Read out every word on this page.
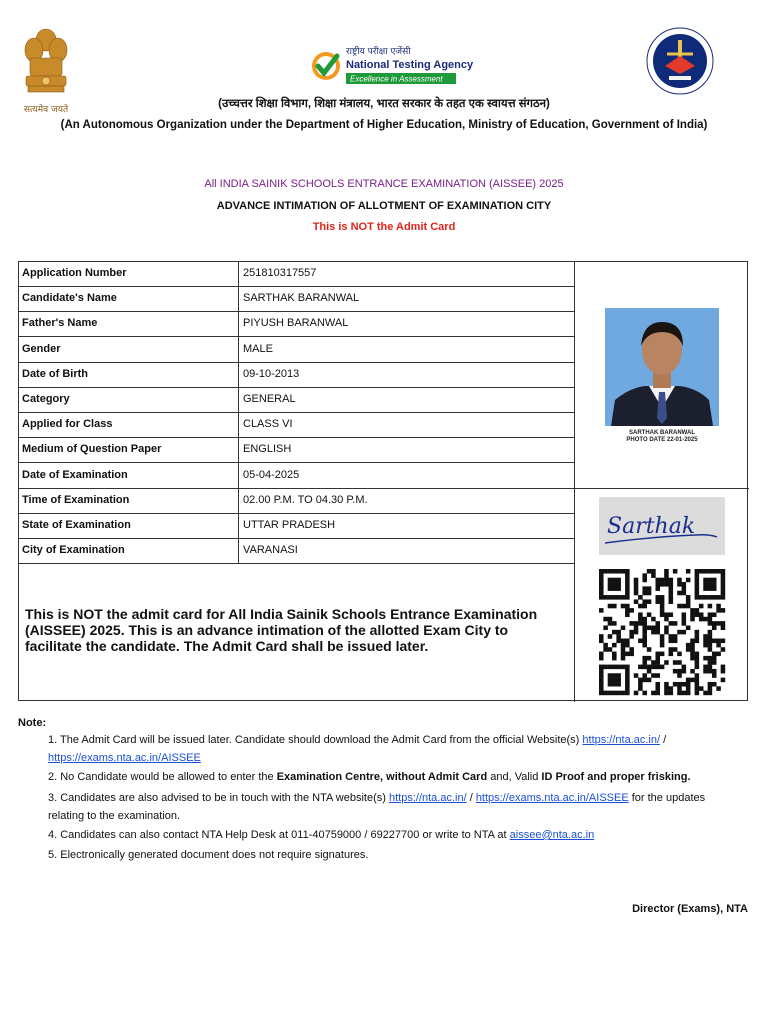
सत्यमेव जयते
राष्ट्रीय परीक्षा एजेंसी
National Testing Agency
Excellence in Assessment
(उच्चत्तर शिक्षा विभाग, शिक्षा मंत्रालय, भारत सरकार के तहत एक स्वायत्त संगठन)
(An Autonomous Organization under the Department of Higher Education, Ministry of Education, Government of India)
All INDIA SAINIK SCHOOLS ENTRANCE EXAMINATION (AISSEE) 2025
ADVANCE INTIMATION OF ALLOTMENT OF EXAMINATION CITY
This is NOT the Admit Card
Application Number	251810317557
Candidate's Name	SARTHAK BARANWAL
Father's Name	PIYUSH BARANWAL
Gender	MALE
Date of Birth	09-10-2013
Category	GENERAL
Applied for Class	CLASS VI
Medium of Question Paper	ENGLISH
Date of Examination	05-04-2025
Time of Examination	02.00 P.M. TO 04.30 P.M.
State of Examination	UTTAR PRADESH
City of Examination	VARANASI
SARTHAK BARANWAL
PHOTO DATE 22-01-2025
Sarthak
This is NOT the admit card for All India Sainik Schools Entrance Examination (AISSEE) 2025. This is an advance intimation of the allotted Exam City to facilitate the candidate. The Admit Card shall be issued later.
Note:
1. The Admit Card will be issued later. Candidate should download the Admit Card from the official Website(s) https://nta.ac.in/ /
https://exams.nta.ac.in/AISSEE
2. No Candidate would be allowed to enter the Examination Centre, without Admit Card and, Valid ID Proof and proper frisking.
3. Candidates are also advised to be in touch with the NTA website(s) https://nta.ac.in/ / https://exams.nta.ac.in/AISSEE for the updates
relating to the examination.
4. Candidates can also contact NTA Help Desk at 011-40759000 / 69227700 or write to NTA at aissee@nta.ac.in
5. Electronically generated document does not require signatures.
Director (Exams), NTA
